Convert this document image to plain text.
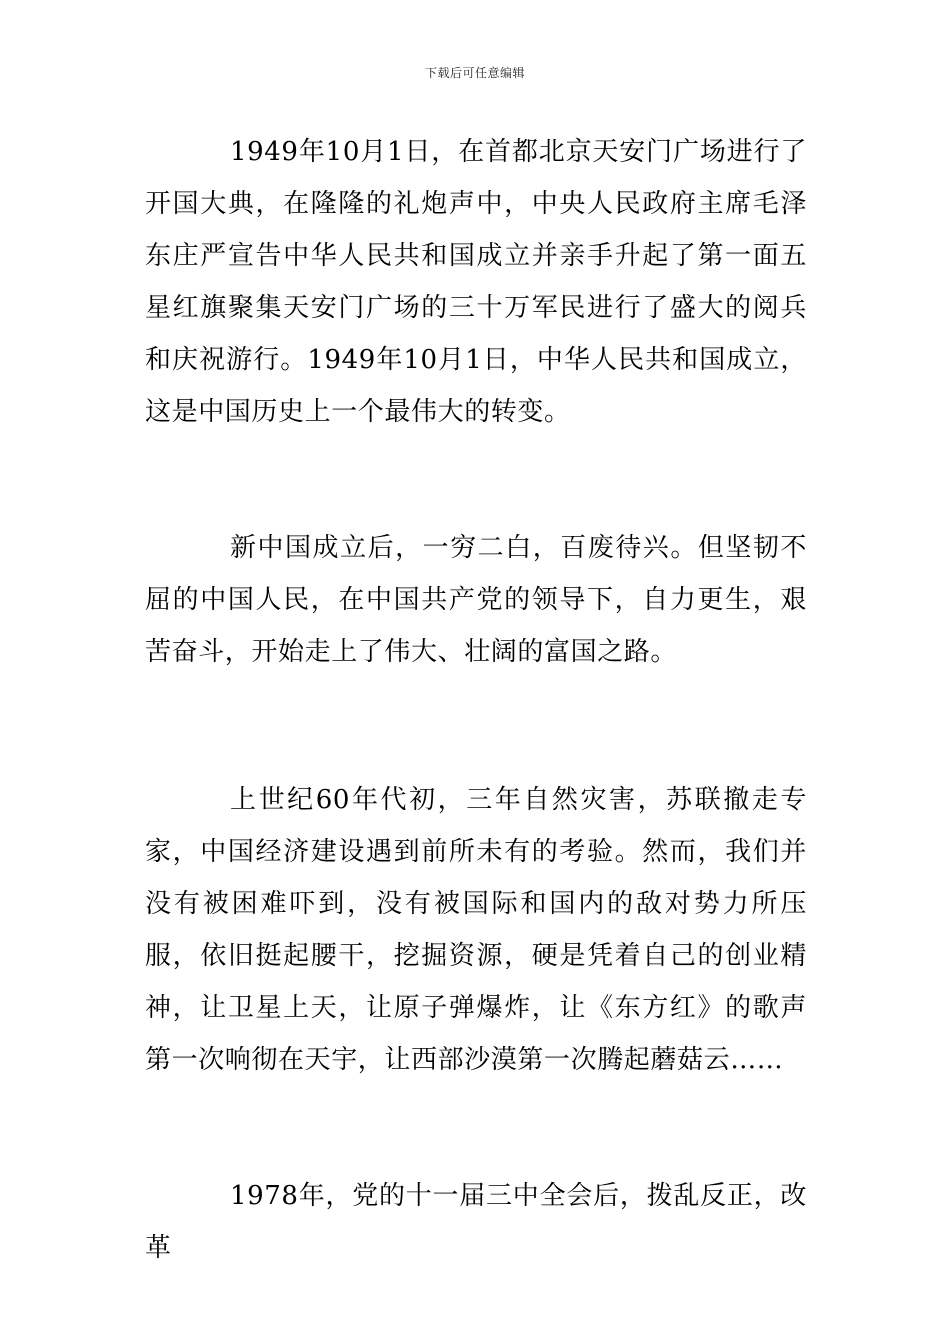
下载后可任意编辑

1949年10月1日，在首都北京天安门广场进行了开国大典，在隆隆的礼炮声中，中央人民政府主席毛泽东庄严宣告中华人民共和国成立并亲手升起了第一面五星红旗聚集天安门广场的三十万军民进行了盛大的阅兵和庆祝游行。1949年10月1日，中华人民共和国成立，这是中国历史上一个最伟大的转变。

新中国成立后，一穷二白，百废待兴。但坚韧不屈的中国人民，在中国共产党的领导下，自力更生，艰苦奋斗，开始走上了伟大、壮阔的富国之路。

上世纪60年代初，三年自然灾害，苏联撤走专家，中国经济建设遇到前所未有的考验。然而，我们并没有被困难吓到，没有被国际和国内的敌对势力所压服，依旧挺起腰干，挖掘资源，硬是凭着自己的创业精神，让卫星上天，让原子弹爆炸，让《东方红》的歌声第一次响彻在天宇，让西部沙漠第一次腾起蘑菇云……

1978年，党的十一届三中全会后，拨乱反正，改革
